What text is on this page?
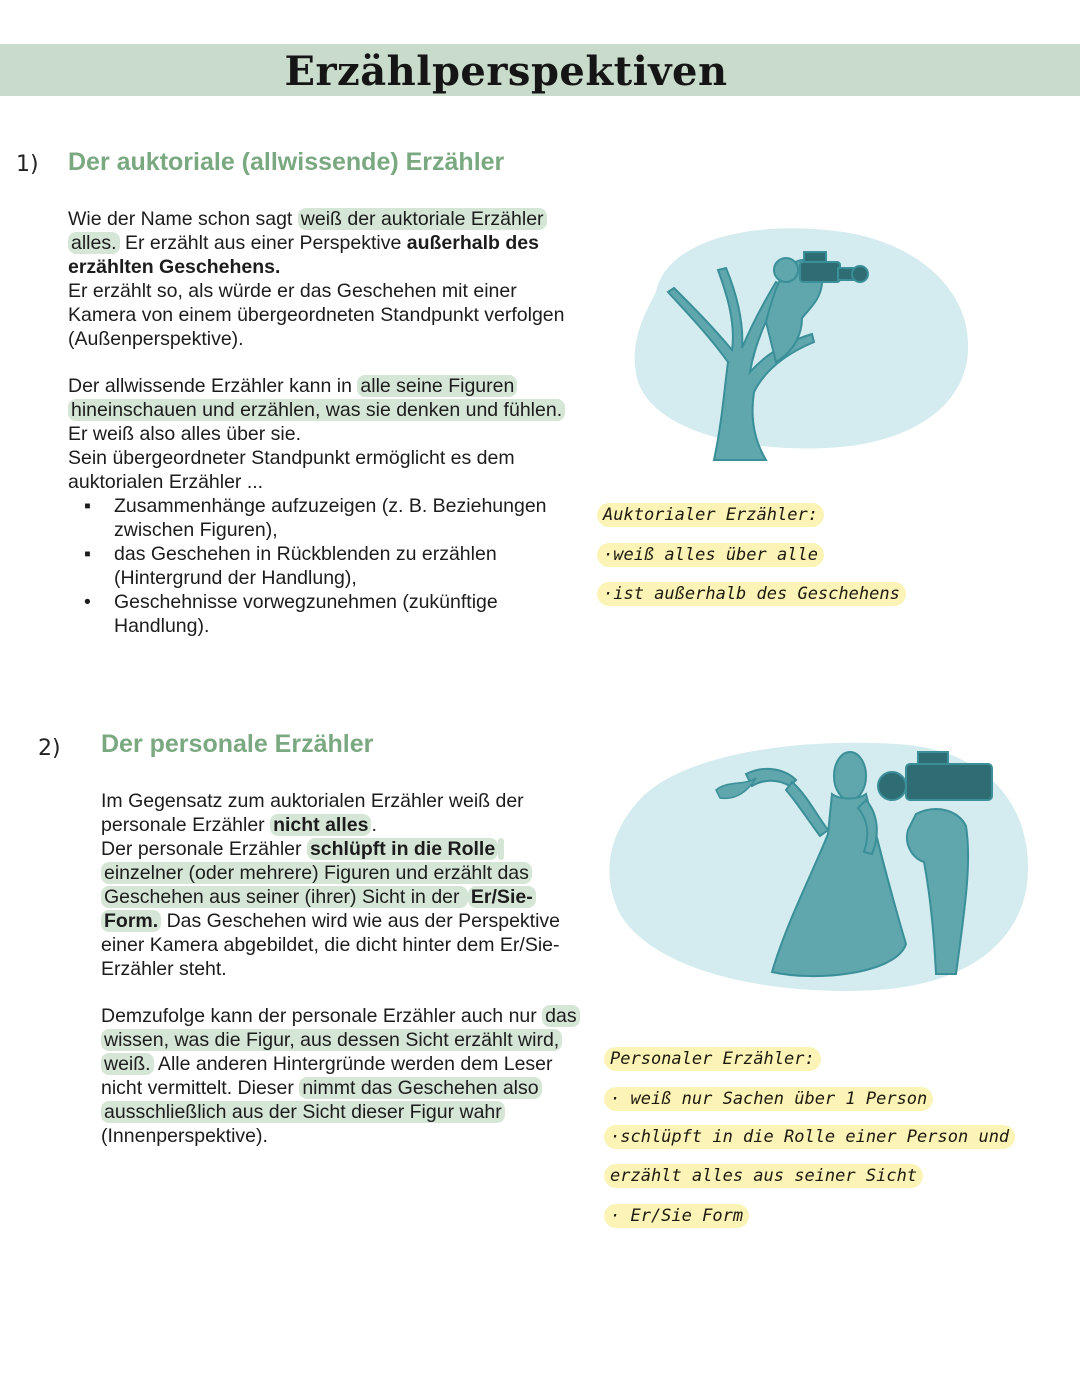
Erzählperspektiven
1) Der auktoriale (allwissende) Erzähler

Wie der Name schon sagt weiß der auktoriale Erzähler alles. Er erzählt aus einer Perspektive außerhalb des erzählten Geschehens.
Er erzählt so, als würde er das Geschehen mit einer Kamera von einem übergeordneten Standpunkt verfolgen (Außenperspektive).

Der allwissende Erzähler kann in alle seine Figuren hineinschauen und erzählen, was sie denken und fühlen. Er weiß also alles über sie.
Sein übergeordneter Standpunkt ermöglicht es dem auktorialen Erzähler ...

▪ Zusammenhänge aufzuzeigen (z. B. Beziehungen zwischen Figuren),
▪ das Geschehen in Rückblenden zu erzählen (Hintergrund der Handlung),
• Geschehnisse vorwegzunehmen (zukünftige Handlung).
Auktorialer Erzähler:
·weiß alles über alle
·ist außerhalb des Geschehens
2) Der personale Erzähler

Im Gegensatz zum auktorialen Erzähler weiß der personale Erzähler nicht alles .
Der personale Erzähler schlüpft in die Rolle einzelner (oder mehrere) Figuren und erzählt das Geschehen aus seiner (ihrer) Sicht in der Er/Sie-Form. Das Geschehen wird wie aus der Perspektive einer Kamera abgebildet, die dicht hinter dem Er/Sie-Erzähler steht.

Demzufolge kann der personale Erzähler auch nur das wissen, was die Figur, aus dessen Sicht erzählt wird, weiß. Alle anderen Hintergründe werden dem Leser nicht vermittelt. Dieser nimmt das Geschehen also ausschließlich aus der Sicht dieser Figur wahr (Innenperspektive).

Personaler Erzähler:
· weiß nur Sachen über 1 Person
·schlüpft in die Rolle einer Person und
erzählt alles aus seiner Sicht
· Er/Sie Form
